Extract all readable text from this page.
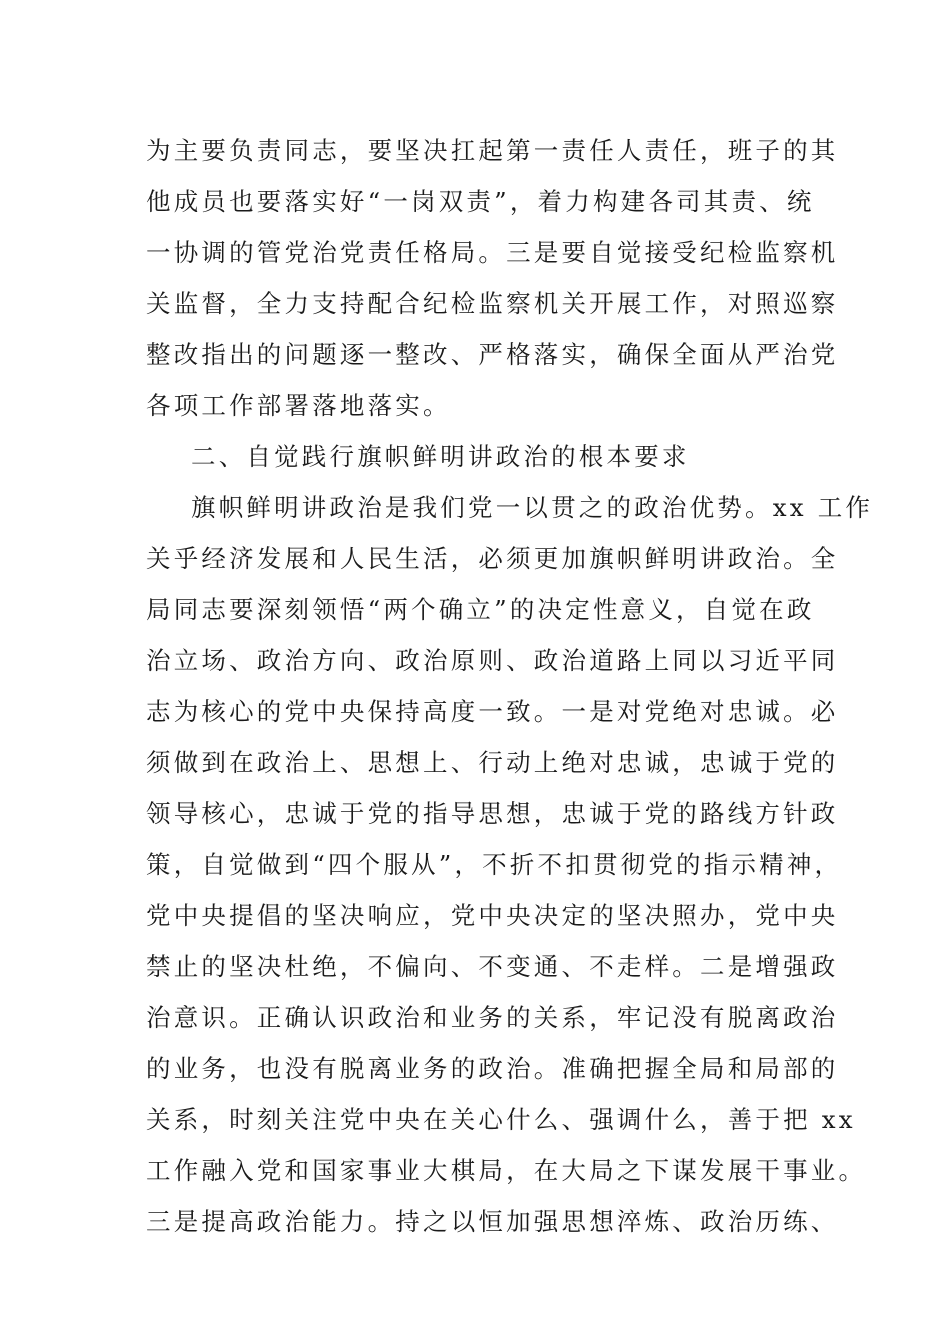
为主要负责同志，要坚决扛起第一责任人责任，班子的其
他成员也要落实好“一岗双责”，着力构建各司其责、统
一协调的管党治党责任格局。三是要自觉接受纪检监察机
关监督，全力支持配合纪检监察机关开展工作，对照巡察
整改指出的问题逐一整改、严格落实，确保全面从严治党
各项工作部署落地落实。
二、自觉践行旗帜鲜明讲政治的根本要求
旗帜鲜明讲政治是我们党一以贯之的政治优势。xx 工作
关乎经济发展和人民生活，必须更加旗帜鲜明讲政治。全
局同志要深刻领悟“两个确立”的决定性意义，自觉在政
治立场、政治方向、政治原则、政治道路上同以习近平同
志为核心的党中央保持高度一致。一是对党绝对忠诚。必
须做到在政治上、思想上、行动上绝对忠诚，忠诚于党的
领导核心，忠诚于党的指导思想，忠诚于党的路线方针政
策，自觉做到“四个服从”，不折不扣贯彻党的指示精神，
党中央提倡的坚决响应，党中央决定的坚决照办，党中央
禁止的坚决杜绝，不偏向、不变通、不走样。二是增强政
治意识。正确认识政治和业务的关系，牢记没有脱离政治
的业务，也没有脱离业务的政治。准确把握全局和局部的
关系，时刻关注党中央在关心什么、强调什么，善于把 xx
工作融入党和国家事业大棋局，在大局之下谋发展干事业。
三是提高政治能力。持之以恒加强思想淬炼、政治历练、
